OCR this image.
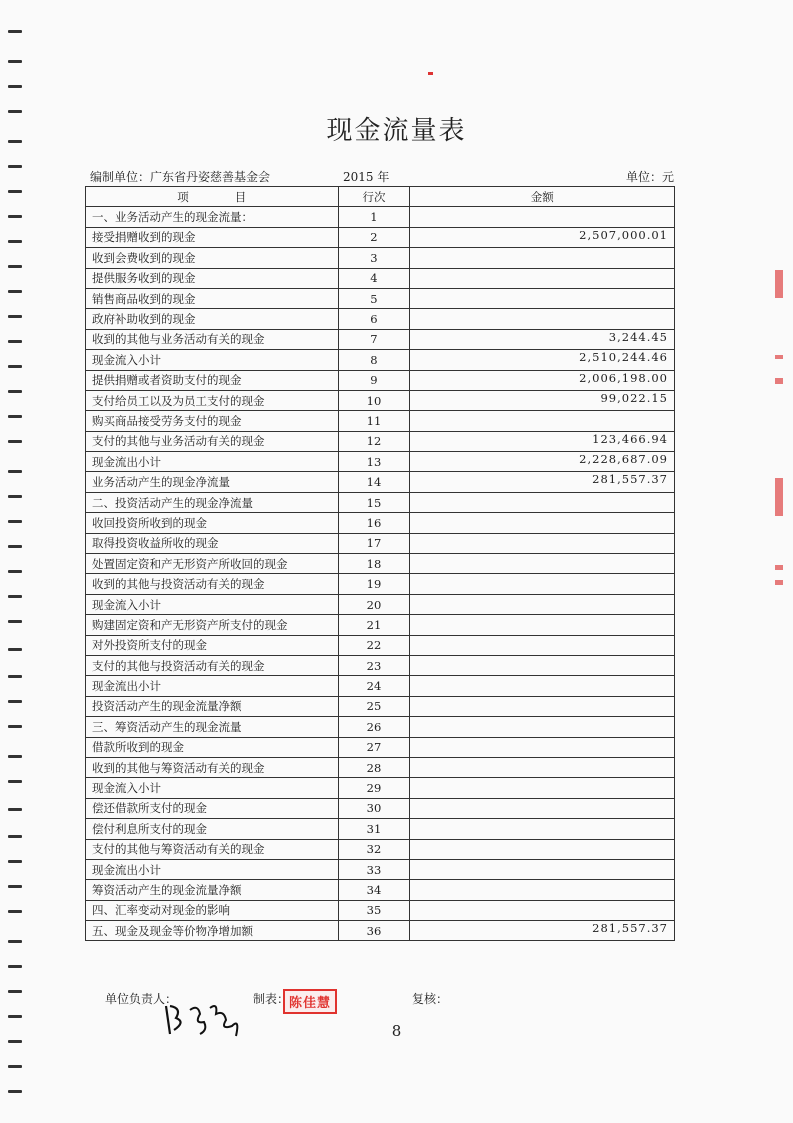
现金流量表
编制单位：广东省丹姿慈善基金会	2015 年	单位：元
项　　　　目	行次	金额
一、业务活动产生的现金流量：	1	
接受捐赠收到的现金	2	2,507,000.01
收到会费收到的现金	3	
提供服务收到的现金	4	
销售商品收到的现金	5	
政府补助收到的现金	6	
收到的其他与业务活动有关的现金	7	3,244.45
现金流入小计	8	2,510,244.46
提供捐赠或者资助支付的现金	9	2,006,198.00
支付给员工以及为员工支付的现金	10	99,022.15
购买商品接受劳务支付的现金	11	
支付的其他与业务活动有关的现金	12	123,466.94
现金流出小计	13	2,228,687.09
业务活动产生的现金净流量	14	281,557.37
二、投资活动产生的现金净流量	15	
收回投资所收到的现金	16	
取得投资收益所收的现金	17	
处置固定资和产无形资产所收回的现金	18	
收到的其他与投资活动有关的现金	19	
现金流入小计	20	
购建固定资和产无形资产所支付的现金	21	
对外投资所支付的现金	22	
支付的其他与投资活动有关的现金	23	
现金流出小计	24	
投资活动产生的现金流量净额	25	
三、筹资活动产生的现金流量	26	
借款所收到的现金	27	
收到的其他与筹资活动有关的现金	28	
现金流入小计	29	
偿还借款所支付的现金	30	
偿付利息所支付的现金	31	
支付的其他与筹资活动有关的现金	32	
现金流出小计	33	
筹资活动产生的现金流量净额	34	
四、汇率变动对现金的影响	35	
五、现金及现金等价物净增加额	36	281,557.37
单位负责人：	制表： 陈佳慧	复核：
8
